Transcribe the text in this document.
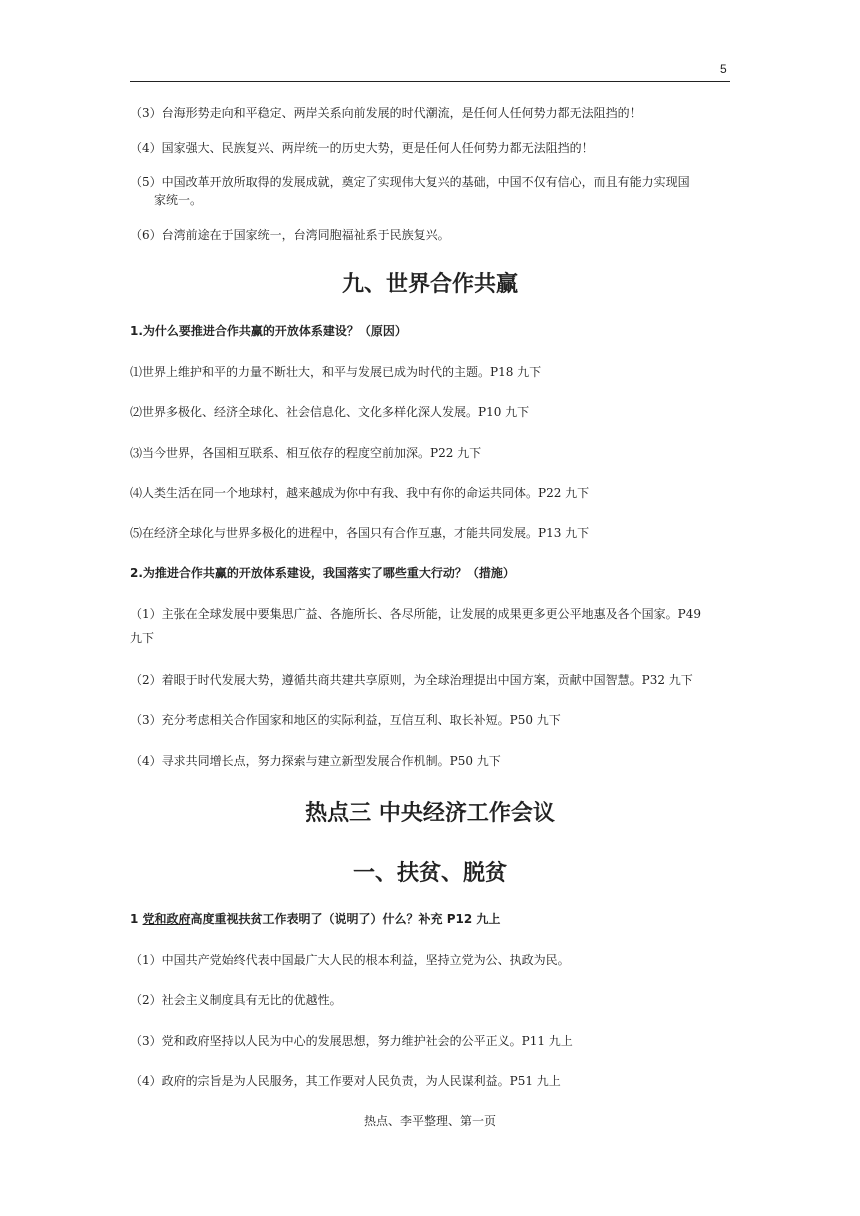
5
（3）台海形势走向和平稳定、两岸关系向前发展的时代潮流，是任何人任何势力都无法阻挡的！
（4）国家强大、民族复兴、两岸统一的历史大势，更是任何人任何势力都无法阻挡的！
（5）中国改革开放所取得的发展成就，奠定了实现伟大复兴的基础，中国不仅有信心，而且有能力实现国
家统一。
（6）台湾前途在于国家统一，台湾同胞福祉系于民族复兴。
九、世界合作共赢
1.为什么要推进合作共赢的开放体系建设？（原因）
⑴世界上维护和平的力量不断壮大，和平与发展已成为时代的主题。P18 九下
⑵世界多极化、经济全球化、社会信息化、文化多样化深人发展。P10 九下
⑶当今世界，各国相互联系、相互依存的程度空前加深。P22 九下
⑷人类生活在同一个地球村，越来越成为你中有我、我中有你的命运共同体。P22 九下
⑸在经济全球化与世界多极化的进程中，各国只有合作互惠，才能共同发展。P13 九下
2.为推进合作共赢的开放体系建设，我国落实了哪些重大行动？（措施）
（1）主张在全球发展中要集思广益、各施所长、各尽所能，让发展的成果更多更公平地惠及各个国家。P49
九下
（2）着眼于时代发展大势，遵循共商共建共享原则，为全球治理提出中国方案，贡献中国智慧。P32 九下
（3）充分考虑相关合作国家和地区的实际利益，互信互利、取长补短。P50 九下
（4）寻求共同增长点，努力探索与建立新型发展合作机制。P50 九下
热点三 中央经济工作会议
一、扶贫、脱贫
1 党和政府高度重视扶贫工作表明了（说明了）什么？补充 P12 九上
（1）中国共产党始终代表中国最广大人民的根本利益，坚持立党为公、执政为民。
（2）社会主义制度具有无比的优越性。
（3）党和政府坚持以人民为中心的发展思想，努力维护社会的公平正义。P11 九上
（4）政府的宗旨是为人民服务，其工作要对人民负责，为人民谋利益。P51 九上
热点、李平整理、第一页
